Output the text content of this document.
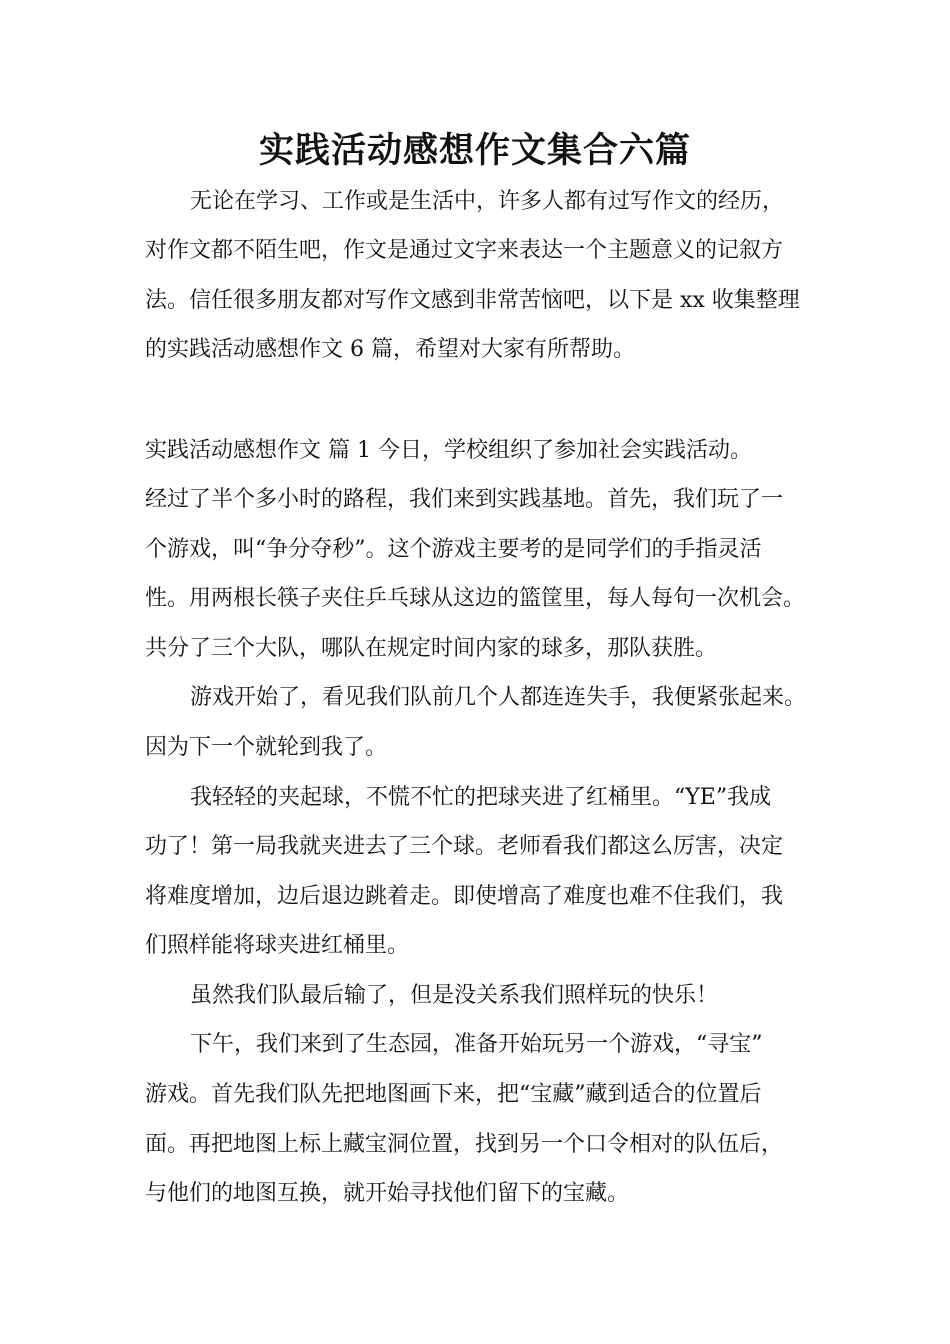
实践活动感想作文集合六篇
无论在学习、工作或是生活中，许多人都有过写作文的经历，
对作文都不陌生吧，作文是通过文字来表达一个主题意义的记叙方
法。信任很多朋友都对写作文感到非常苦恼吧，以下是 xx 收集整理
的实践活动感想作文 6 篇，希望对大家有所帮助。
实践活动感想作文 篇 1 今日，学校组织了参加社会实践活动。
经过了半个多小时的路程，我们来到实践基地。首先，我们玩了一
个游戏，叫“争分夺秒”。这个游戏主要考的是同学们的手指灵活
性。用两根长筷子夹住乒乓球从这边的篮筐里，每人每句一次机会。
共分了三个大队，哪队在规定时间内家的球多，那队获胜。
游戏开始了，看见我们队前几个人都连连失手，我便紧张起来。
因为下一个就轮到我了。
我轻轻的夹起球，不慌不忙的把球夹进了红桶里。“YE”我成
功了！第一局我就夹进去了三个球。老师看我们都这么厉害，决定
将难度增加，边后退边跳着走。即使增高了难度也难不住我们，我
们照样能将球夹进红桶里。
虽然我们队最后输了，但是没关系我们照样玩的快乐！
下午，我们来到了生态园，准备开始玩另一个游戏，“寻宝”
游戏。首先我们队先把地图画下来，把“宝藏”藏到适合的位置后
面。再把地图上标上藏宝洞位置，找到另一个口令相对的队伍后，
与他们的地图互换，就开始寻找他们留下的宝藏。
